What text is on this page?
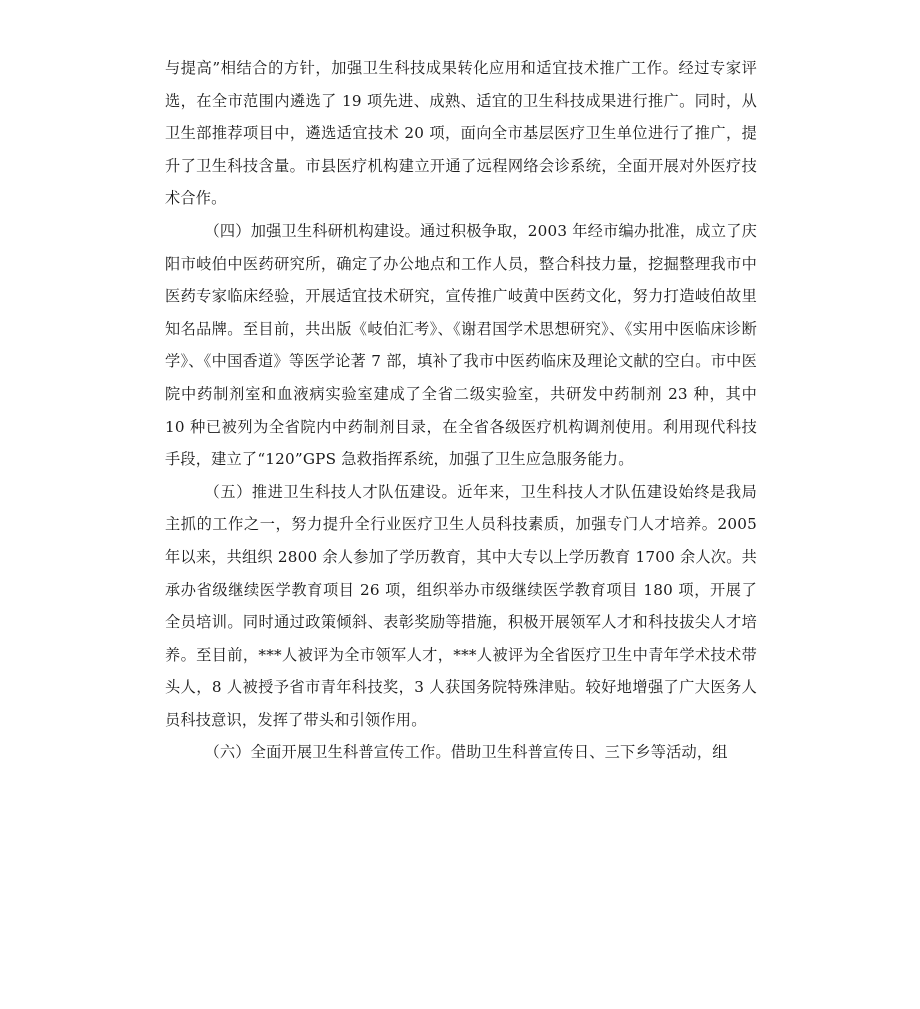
与提高”相结合的方针，加强卫生科技成果转化应用和适宜技术推广工作。经过专家评选，在全市范围内遴选了 19 项先进、成熟、适宜的卫生科技成果进行推广。同时，从卫生部推荐项目中，遴选适宜技术 20 项，面向全市基层医疗卫生单位进行了推广，提升了卫生科技含量。市县医疗机构建立开通了远程网络会诊系统，全面开展对外医疗技术合作。

（四）加强卫生科研机构建设。通过积极争取，2003 年经市编办批准，成立了庆阳市岐伯中医药研究所，确定了办公地点和工作人员，整合科技力量，挖掘整理我市中医药专家临床经验，开展适宜技术研究，宣传推广岐黄中医药文化，努力打造岐伯故里知名品牌。至目前，共出版《岐伯汇考》、《谢君国学术思想研究》、《实用中医临床诊断学》、《中国香道》等医学论著 7 部，填补了我市中医药临床及理论文献的空白。市中医院中药制剂室和血液病实验室建成了全省二级实验室，共研发中药制剂 23 种，其中 10 种已被列为全省院内中药制剂目录，在全省各级医疗机构调剂使用。利用现代科技手段，建立了“120”GPS 急救指挥系统，加强了卫生应急服务能力。

（五）推进卫生科技人才队伍建设。近年来，卫生科技人才队伍建设始终是我局主抓的工作之一，努力提升全行业医疗卫生人员科技素质，加强专门人才培养。2005 年以来，共组织 2800 余人参加了学历教育，其中大专以上学历教育 1700 余人次。共承办省级继续医学教育项目 26 项，组织举办市级继续医学教育项目 180 项，开展了全员培训。同时通过政策倾斜、表彰奖励等措施，积极开展领军人才和科技拔尖人才培养。至目前，***人被评为全市领军人才，***人被评为全省医疗卫生中青年学术技术带头人，8 人被授予省市青年科技奖，3 人获国务院特殊津贴。较好地增强了广大医务人员科技意识，发挥了带头和引领作用。

（六）全面开展卫生科普宣传工作。借助卫生科普宣传日、三下乡等活动，组
